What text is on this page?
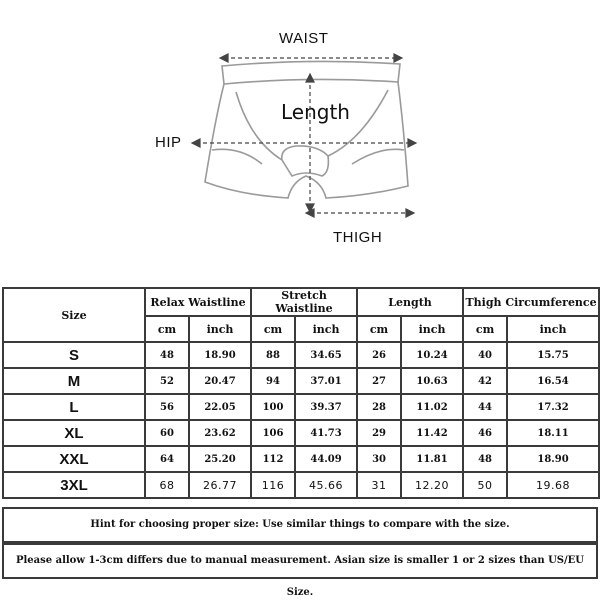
WAIST
HIP
THIGH
Length
Size	Relax Waistline		Stretch Waistline		Length		Thigh Circumference	
	cm	inch	cm	inch	cm	inch	cm	inch
S	48	18.90	88	34.65	26	10.24	40	15.75
M	52	20.47	94	37.01	27	10.63	42	16.54
L	56	22.05	100	39.37	28	11.02	44	17.32
XL	60	23.62	106	41.73	29	11.42	46	18.11
XXL	64	25.20	112	44.09	30	11.81	48	18.90
3XL	68	26.77	116	45.66	31	12.20	50	19.68
Hint for choosing proper size: Use similar things to compare with the size.
Please allow 1-3cm differs due to manual measurement. Asian size is smaller 1 or 2 sizes than US/EU Size.
